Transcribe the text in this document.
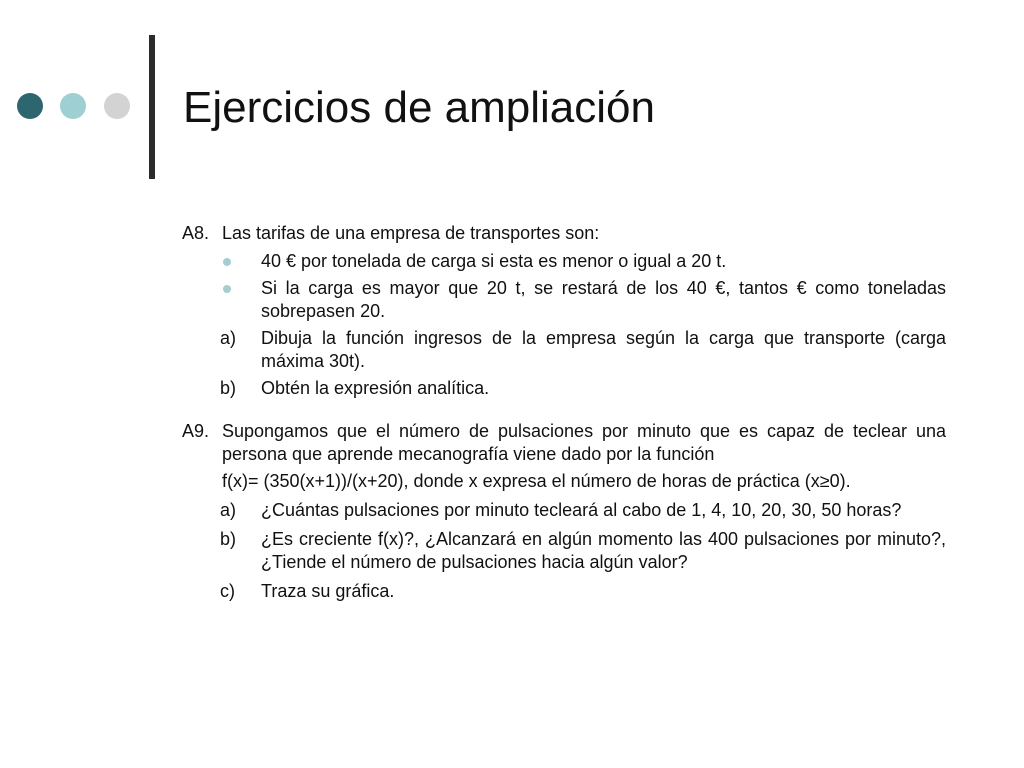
Ejercicios de ampliación
A8. Las tarifas de una empresa de transportes son:
40 € por tonelada de carga si esta es menor o igual a 20 t.
Si la carga es mayor que 20 t, se restará de los 40 €, tantos € como toneladas sobrepasen 20.
a)	Dibuja la función ingresos de la empresa según la carga que transporte (carga máxima 30t).
b)	Obtén la expresión analítica.
A9. Supongamos que el número de pulsaciones por minuto que es capaz de teclear una persona que aprende mecanografía viene dado por la función
f(x)= (350(x+1))/(x+20), donde x expresa el número de horas de práctica (x≥0).
a)	¿Cuántas pulsaciones por minuto tecleará al cabo de 1, 4, 10, 20, 30, 50 horas?
b)	¿Es creciente f(x)?, ¿Alcanzará en algún momento las 400 pulsaciones por minuto?, ¿Tiende el número de pulsaciones hacia algún valor?
c)	Traza su gráfica.
